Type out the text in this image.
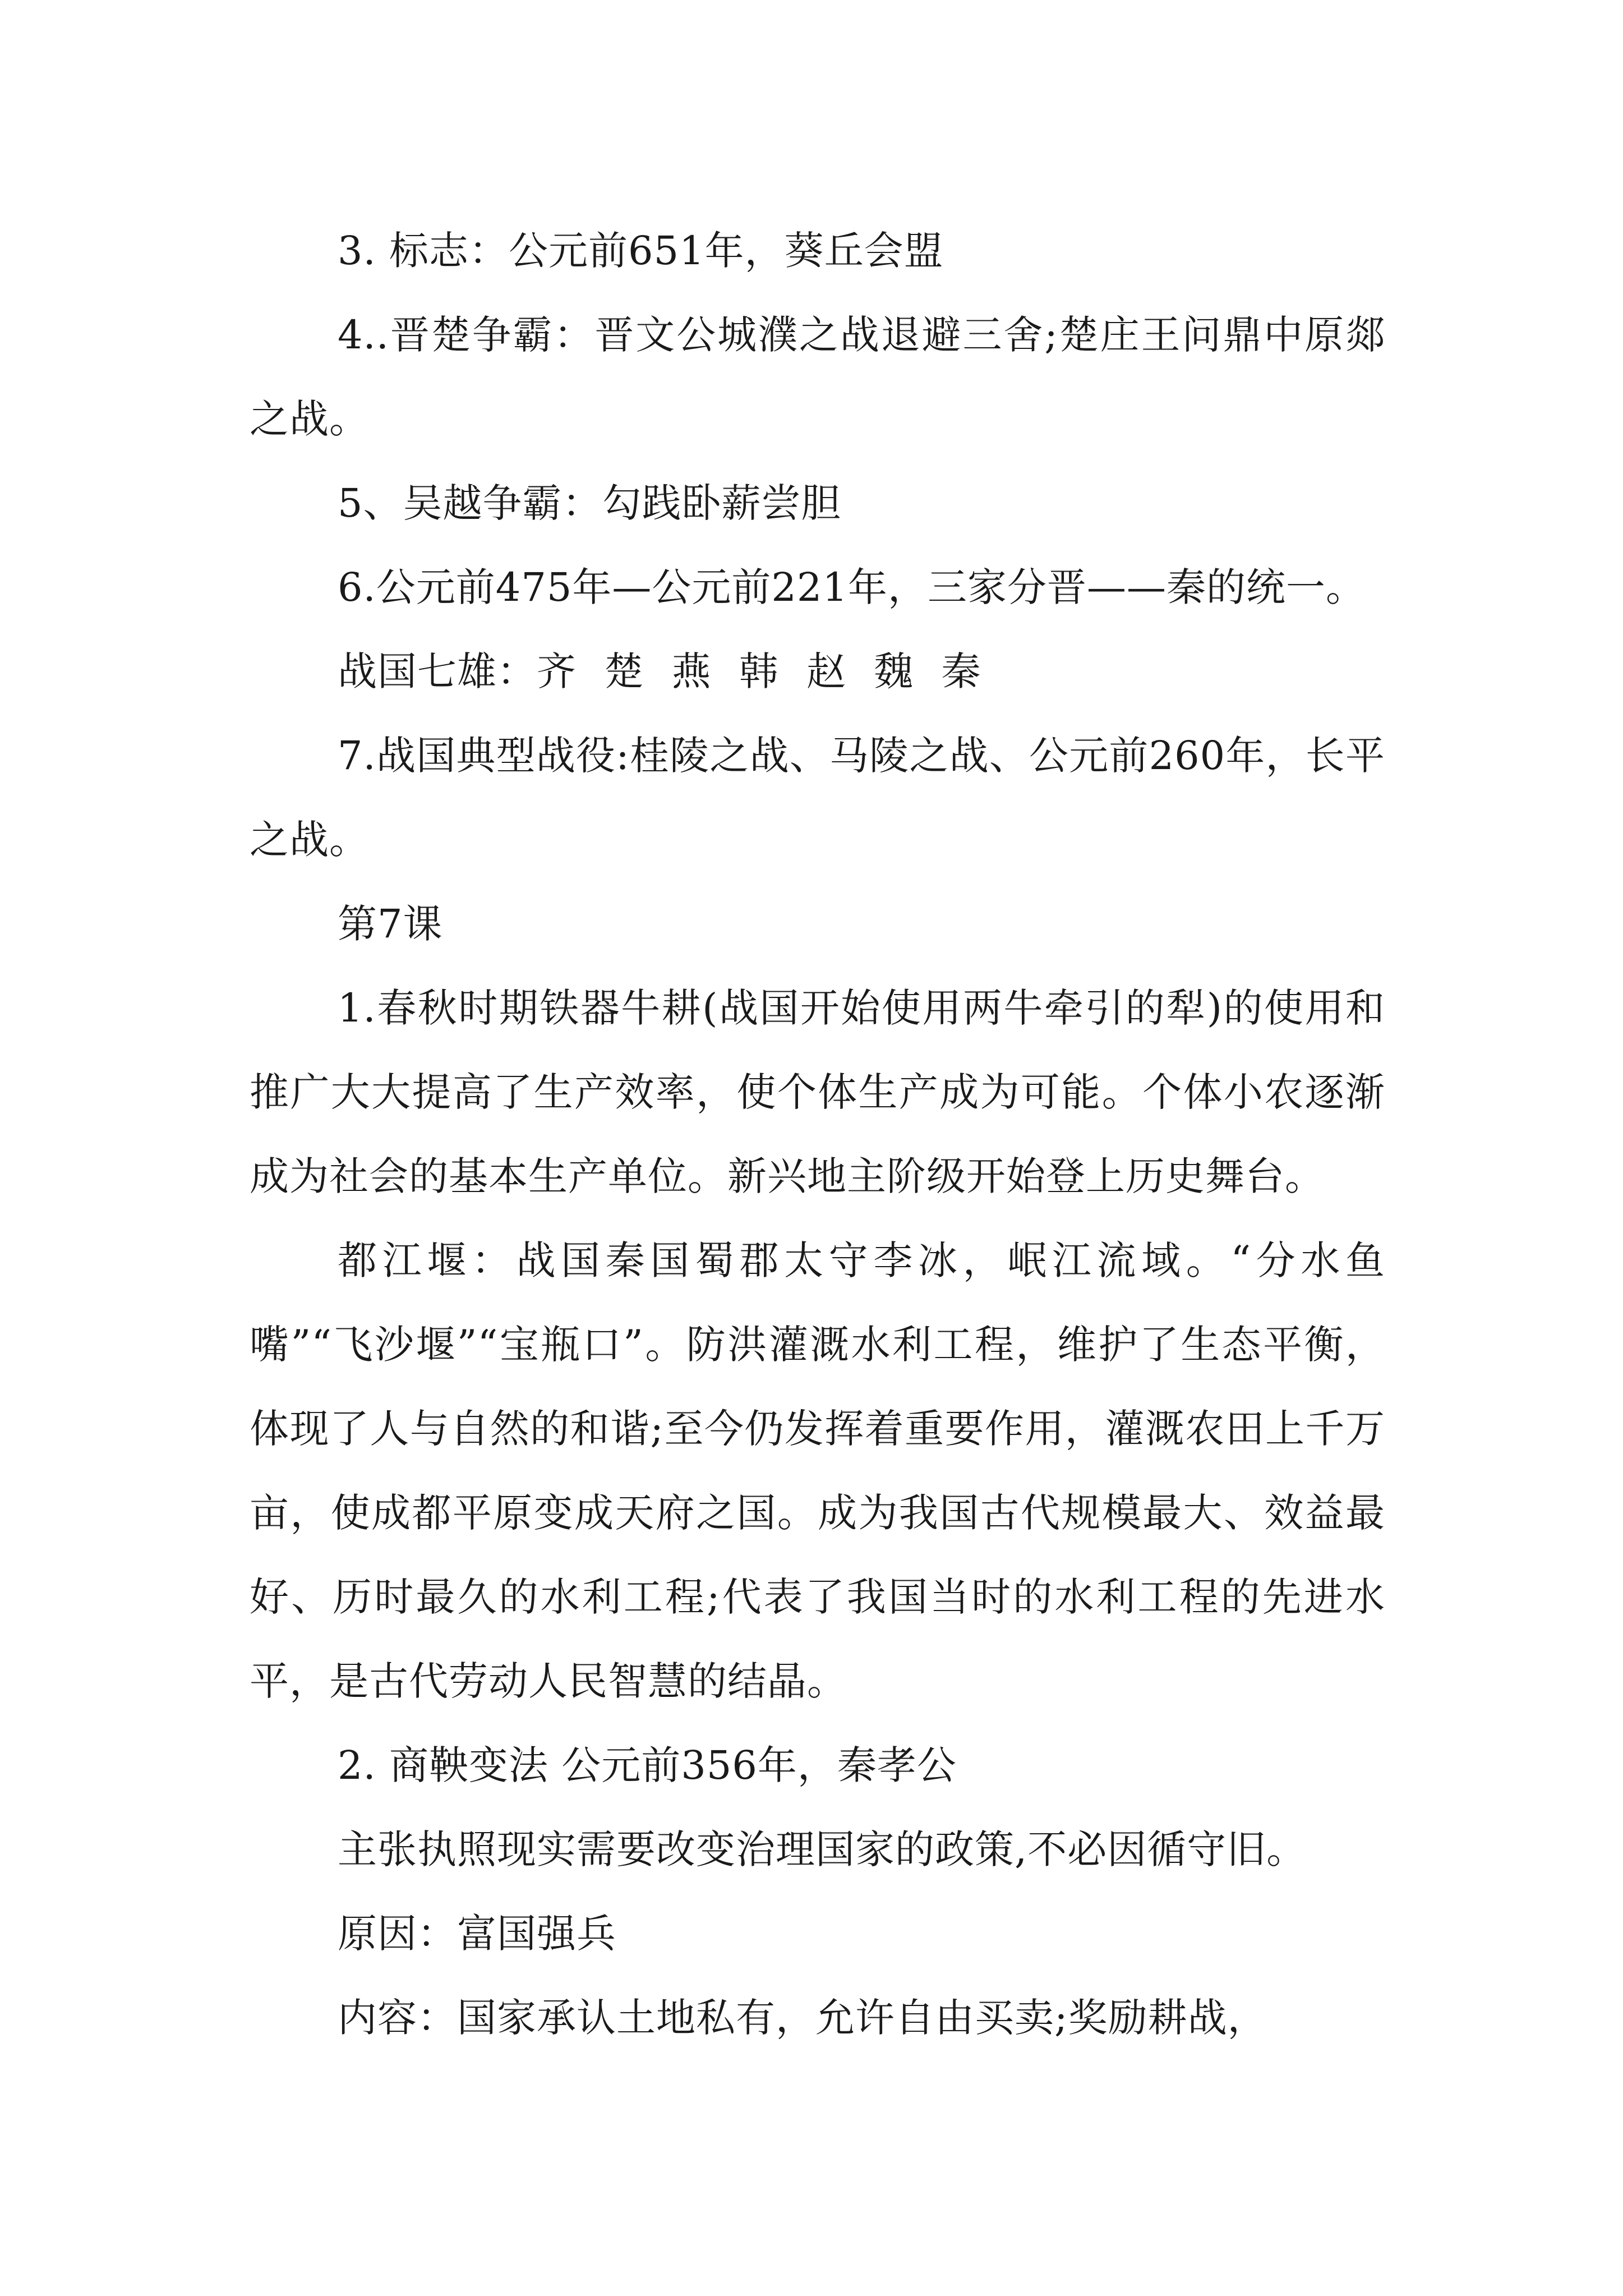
3. 标志：公元前651年，葵丘会盟

4..晋楚争霸：晋文公城濮之战退避三舍;楚庄王问鼎中原郯之战。

5、吴越争霸：勾践卧薪尝胆

6.公元前475年—公元前221年，三家分晋——秦的统一。

战国七雄：齐 楚 燕 韩 赵 魏 秦

7.战国典型战役:桂陵之战、马陵之战、公元前260年，长平之战。

第7课

1.春秋时期铁器牛耕(战国开始使用两牛牵引的犁)的使用和推广大大提高了生产效率，使个体生产成为可能。个体小农逐渐成为社会的基本生产单位。新兴地主阶级开始登上历史舞台。

都江堰：战国秦国蜀郡太守李冰，岷江流域。“分水鱼嘴”“飞沙堰”“宝瓶口”。防洪灌溉水利工程，维护了生态平衡，体现了人与自然的和谐;至今仍发挥着重要作用，灌溉农田上千万亩，使成都平原变成天府之国。成为我国古代规模最大、效益最好、历时最久的水利工程;代表了我国当时的水利工程的先进水平，是古代劳动人民智慧的结晶。

2. 商鞅变法 公元前356年，秦孝公

主张执照现实需要改变治理国家的政策,不必因循守旧。

原因：富国强兵

内容：国家承认土地私有，允许自由买卖;奖励耕战，
